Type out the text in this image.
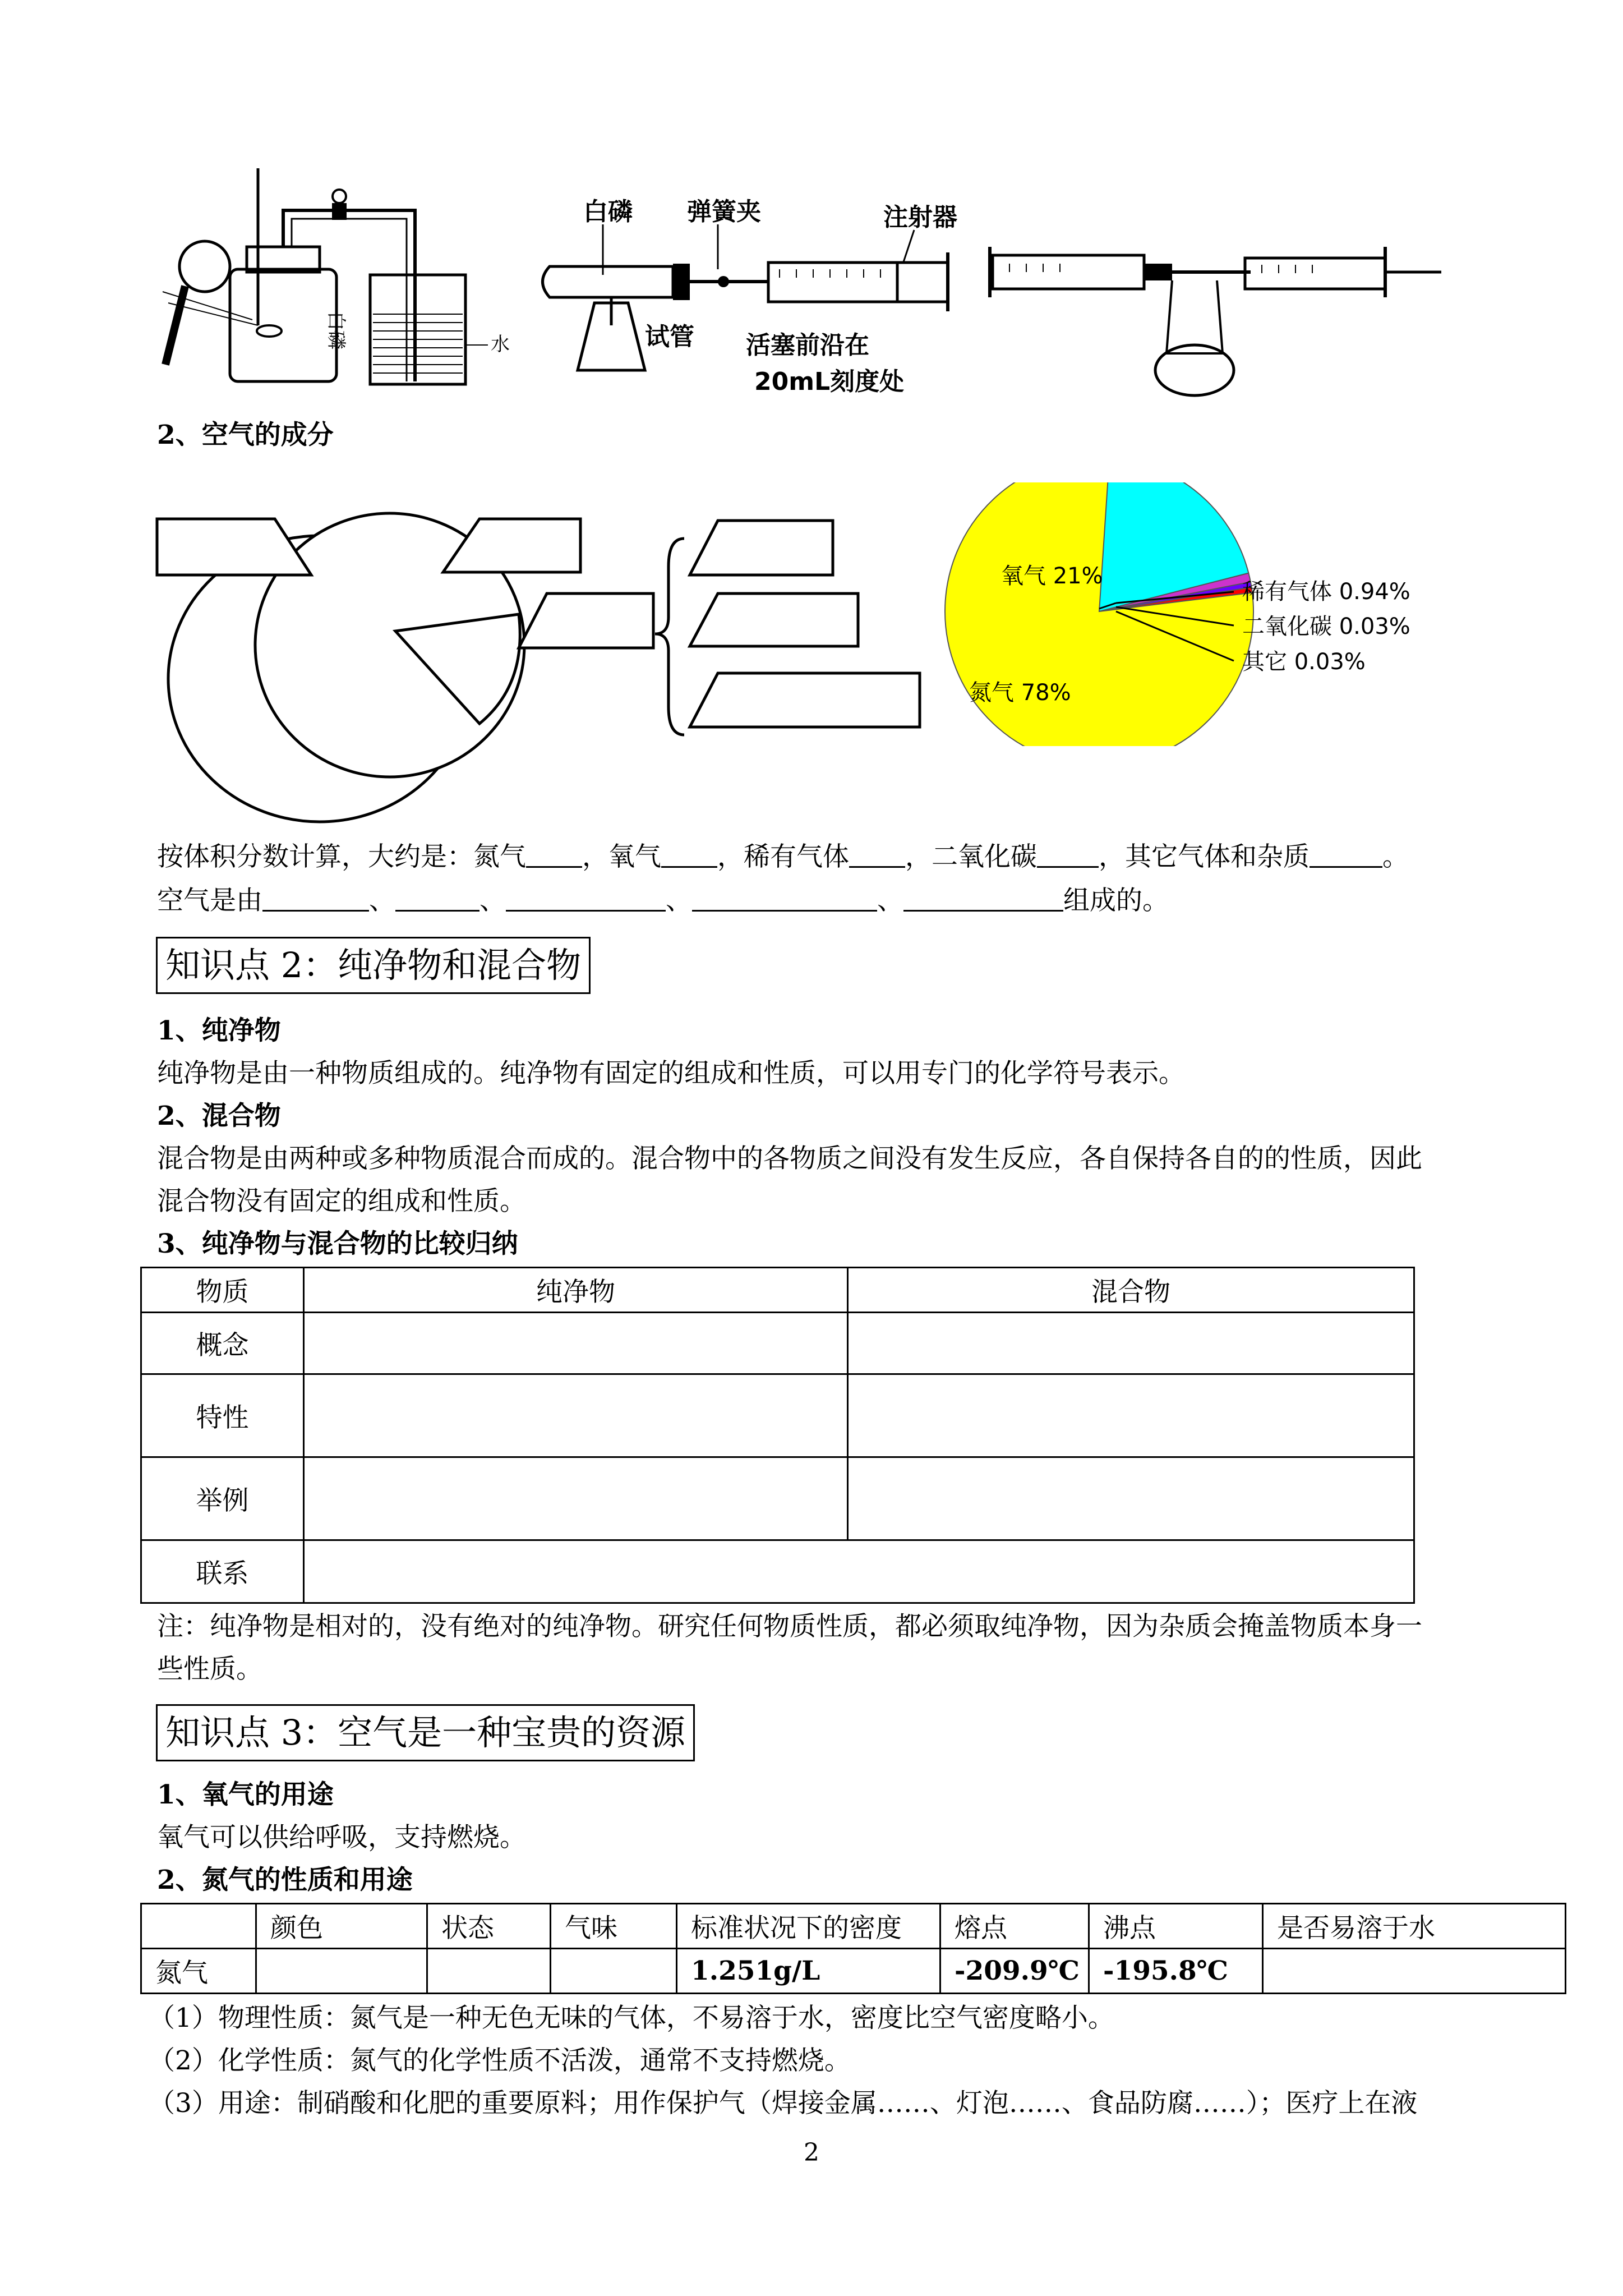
白磷	水
白磷 弹簧夹	注射器
试管 活塞前沿在
20mL刻度处
2、空气的成分
氧气 21%
氮气 78%
稀有气体 0.94%
二氧化碳 0.03%
其它 0.03%
按体积分数计算，大约是：氮气 ，氧气 ，稀有气体 ，二氧化碳 ，其它气体和杂质	。
空气是由	、	、	、	、	组成的。
知识点 2：纯净物和混合物
1、纯净物
纯净物是由一种物质组成的。纯净物有固定的组成和性质，可以用专门的化学符号表示。
2、混合物
混合物是由两种或多种物质混合而成的。混合物中的各物质之间没有发生反应，各自保持各自的的性质，因此
混合物没有固定的组成和性质。
3、纯净物与混合物的比较归纳
物质	纯净物	混合物
概念		
特性		
举例		
联系		
注：纯净物是相对的，没有绝对的纯净物。研究任何物质性质，都必须取纯净物，因为杂质会掩盖物质本身一
些性质。
知识点 3：空气是一种宝贵的资源
1、氧气的用途
氧气可以供给呼吸，支持燃烧。
2、氮气的性质和用途
	颜色	状态	气味	标准状况下的密度	熔点	沸点	是否易溶于水
氮气				1.251g/L	-209.9℃	-195.8℃	
（1）物理性质：氮气是一种无色无味的气体，不易溶于水，密度比空气密度略小。
（2）化学性质：氮气的化学性质不活泼，通常不支持燃烧。
（3）用途：制硝酸和化肥的重要原料；用作保护气（焊接金属……、灯泡……、食品防腐……）；医疗上在液
2
